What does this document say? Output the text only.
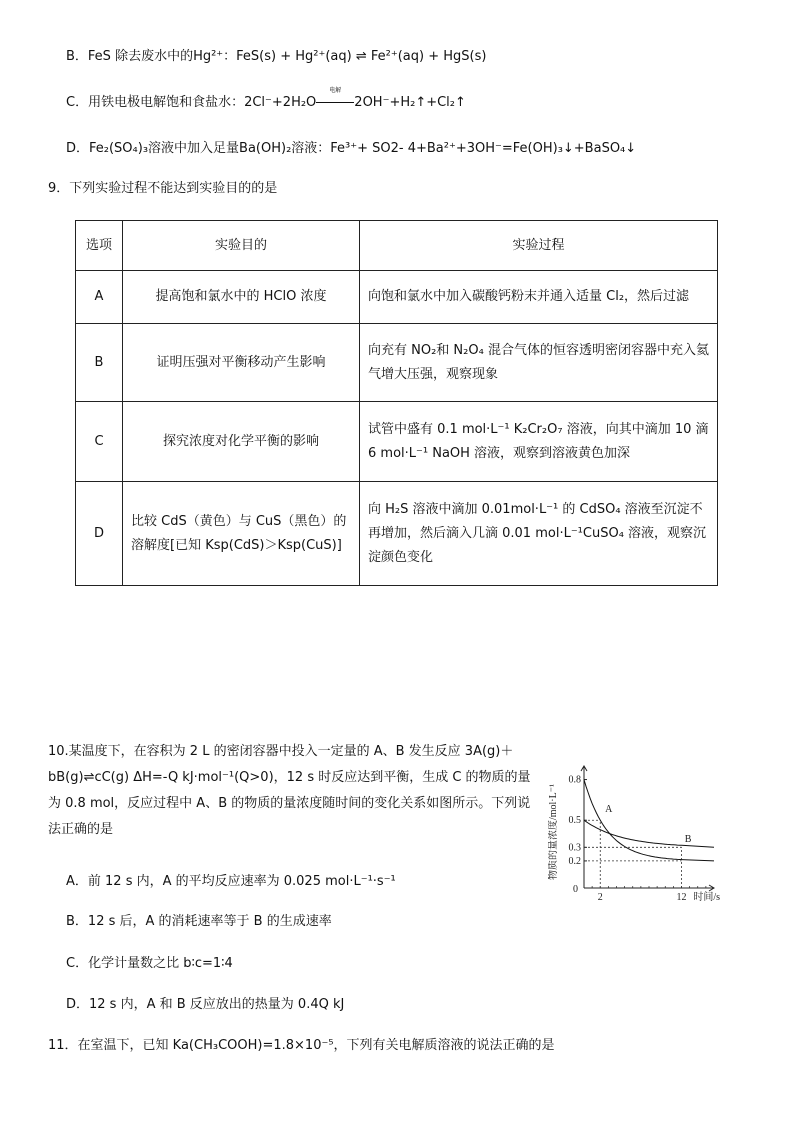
B．FeS 除去废水中的Hg²⁺：FeS(s) + Hg²⁺(aq) ⇌ Fe²⁺(aq) + HgS(s)
C．用铁电极电解饱和食盐水：2Cl⁻+2H₂O
电解
2OH⁻+H₂↑+Cl₂↑
D．Fe₂(SO₄)₃溶液中加入足量Ba(OH)₂溶液：Fe³⁺+ SO2- 4+Ba²⁺+3OH⁻=Fe(OH)₃↓+BaSO₄↓
9．下列实验过程不能达到实验目的的是
选项	实验目的	实验过程
A	提高饱和氯水中的 HClO 浓度	向饱和氯水中加入碳酸钙粉末并通入适量 Cl₂，然后过滤
B	证明压强对平衡移动产生影响	向充有 NO₂和 N₂O₄ 混合气体的恒容透明密闭容器中充入氦气增大压强，观察现象
C	探究浓度对化学平衡的影响	试管中盛有 0.1 mol·L⁻¹ K₂Cr₂O₇ 溶液，向其中滴加 10 滴 6 mol·L⁻¹ NaOH 溶液，观察到溶液黄色加深
D	比较 CdS（黄色）与 CuS（黑色）的溶解度[已知 Ksp(CdS)＞Ksp(CuS)]	向 H₂S 溶液中滴加 0.01mol·L⁻¹ 的 CdSO₄ 溶液至沉淀不再增加，然后滴入几滴 0.01 mol·L⁻¹CuSO₄ 溶液，观察沉淀颜色变化
10.某温度下，在容积为 2 L 的密闭容器中投入一定量的 A、B 发生反应 3A(g)＋bB(g)⇌cC(g) ΔH=-Q kJ·mol⁻¹(Q>0)，12 s 时反应达到平衡，生成 C 的物质的量为 0.8 mol，反应过程中 A、B 的物质的量浓度随时间的变化关系如图所示。下列说法正确的是
A．前 12 s 内，A 的平均反应速率为 0.025 mol·L⁻¹·s⁻¹
B．12 s 后，A 的消耗速率等于 B 的生成速率
C．化学计量数之比 b∶c=1∶4
D．12 s 内，A 和 B 反应放出的热量为 0.4Q kJ
11．在室温下，已知 Ka(CH₃COOH)=1.8×10⁻⁵，下列有关电解质溶液的说法正确的是
0.8
0.5
0.3
0.2
2	12
A
B
物质的量浓度/mol·L⁻¹
时间/s
0
